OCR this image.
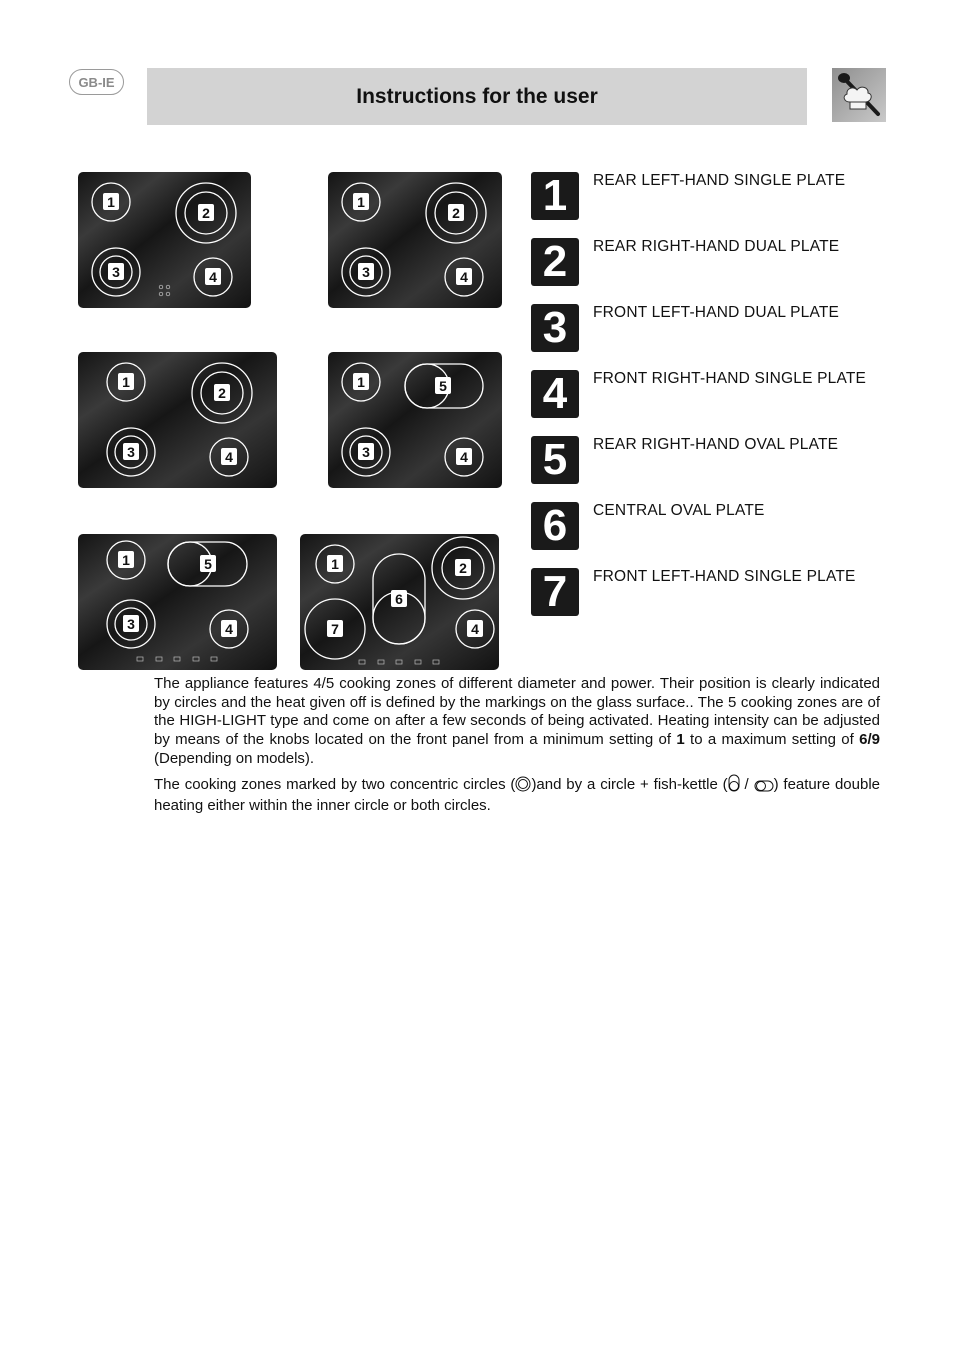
GB-IE
Instructions for the user
1
2
3	4
1
2
3	4
1
2
3	4
1	5
3	4
1	5
3	4
1
6
2
7	4
1	REAR LEFT-HAND SINGLE PLATE
2	REAR RIGHT-HAND DUAL PLATE
3	FRONT LEFT-HAND DUAL PLATE
4	FRONT RIGHT-HAND SINGLE PLATE
5	REAR RIGHT-HAND OVAL PLATE
6	CENTRAL OVAL PLATE
7	FRONT LEFT-HAND SINGLE PLATE

The appliance features 4/5 cooking zones of different diameter and power. Their position is clearly indicated by circles and the heat given off is defined by the markings on the glass surface.. The 5 cooking zones are of the HIGH-LIGHT type and come on after a few seconds of being activated. Heating intensity can be adjusted by means of the knobs located on the front panel from a minimum setting of 1 to a maximum setting of 6/9 (Depending on models).

The cooking zones marked by two concentric circles ( )and by a circle + fish-kettle ( / ) feature double heating either within the inner circle or both circles.
